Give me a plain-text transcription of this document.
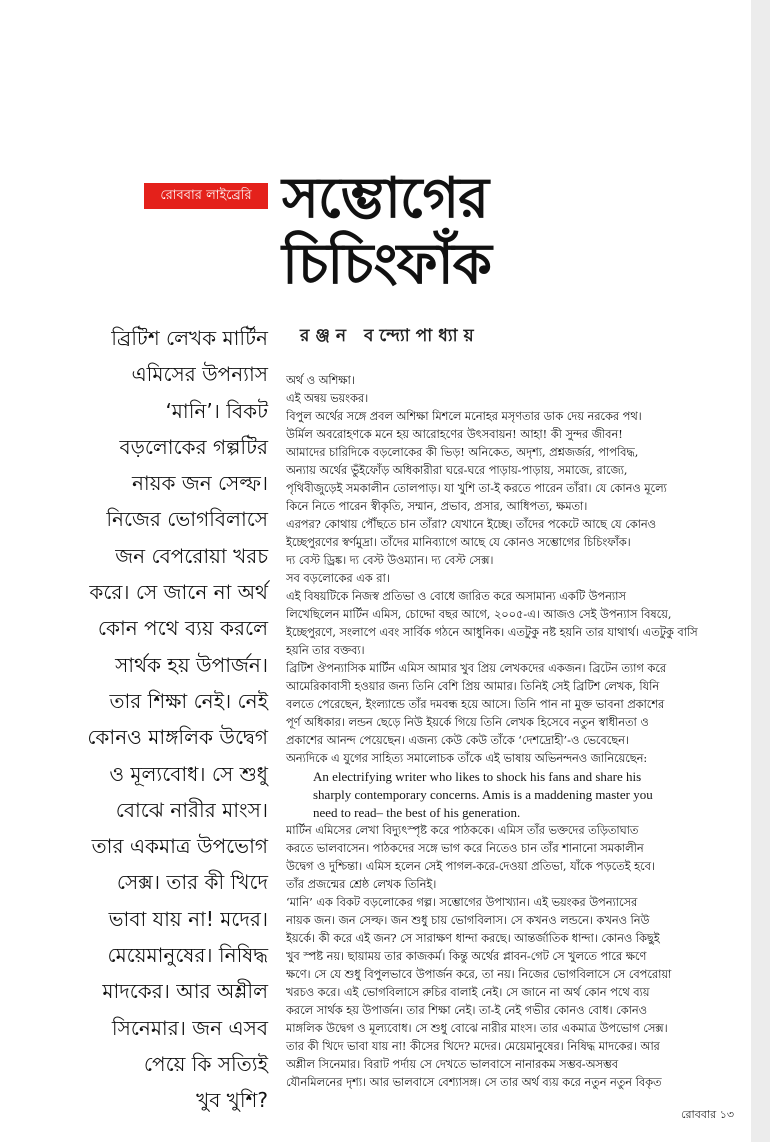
রোববার লাইব্রেরি খোলা	সম্ভোগের
চিচিংফাঁক
রঞ্জন বন্দ্যোপাধ্যায়
ব্রিটিশ লেখক মার্টিন
এমিসের উপন্যাস
‘মানি’। বিকট
বড়লোকের গল্পটির
নায়ক জন সেল্ফ।
নিজের ভোগবিলাসে
জন বেপরোয়া খরচ
করে। সে জানে না অর্থ
কোন পথে ব্যয় করলে
সার্থক হয় উপার্জন।
তার শিক্ষা নেই। নেই
কোনও মাঙ্গলিক উদ্বেগ
ও মূল্যবোধ। সে শুধু
বোঝে নারীর মাংস।
তার একমাত্র উপভোগ
সেক্স। তার কী খিদে
ভাবা যায় না! মদের।
মেয়েমানুষের। নিষিদ্ধ
মাদকের। আর অশ্লীল
সিনেমার। জন এসব
পেয়ে কি সত্যিই
খুব খুশি?
অর্থ ও অশিক্ষা।
এই অন্বয় ভয়ংকর।
বিপুল অর্থের সঙ্গে প্রবল অশিক্ষা মিশলে মনোহর মসৃণতার ডাক দেয় নরকের পথ।
উর্মিল অবরোহণকে মনে হয় আরোহণের উৎসবায়ন! আহা! কী সুন্দর জীবন!
আমাদের চারিদিকে বড়লোকের কী ভিড়! অনিকেত, অদৃশ্য, প্রশ্নজর্জর, পাপবিদ্ধ,
অন্যায় অর্থের ভুঁইফোঁড় অধিকারীরা ঘরে-ঘরে পাড়ায়-পাড়ায়, সমাজে, রাজ্যে,
পৃথিবীজুড়েই সমকালীন তোলপাড়। যা খুশি তা-ই করতে পারেন তাঁরা। যে কোনও মূল্যে
কিনে নিতে পারেন স্বীকৃতি, সম্মান, প্রভাব, প্রসার, আধিপত্য, ক্ষমতা।
এরপর? কোথায় পৌঁছতে চান তাঁরা? যেখানে ইচ্ছে। তাঁদের পকেটে আছে যে কোনও
ইচ্ছেপুরণের স্বর্ণমুদ্রা। তাঁদের মানিব্যাগে আছে যে কোনও সম্ভোগের চিচিংফাঁক।
দ্য বেস্ট ড্রিঙ্ক। দ্য বেস্ট উওম্যান। দ্য বেস্ট সেক্স।
সব বড়লোকের এক রা।
এই বিষয়টিকে নিজস্ব প্রতিভা ও বোধে জারিত করে অসামান্য একটি উপন্যাস
লিখেছিলেন মার্টিন এমিস, চোদ্দো বছর আগে, ২০০৫-এ। আজও সেই উপন্যাস বিষয়ে,
ইচ্ছেপুরণে, সংলাপে এবং সার্বিক গঠনে আধুনিক। এতটুকু নষ্ট হয়নি তার যাথার্থ। এতটুকু বাসি
হয়নি তার বক্তব্য।
ব্রিটিশ ঔপন্যাসিক মার্টিন এমিস আমার খুব প্রিয় লেখকদের একজন। ব্রিটেন ত্যাগ করে
আমেরিকাবাসী হওয়ার জন্য তিনি বেশি প্রিয় আমার। তিনিই সেই ব্রিটিশ লেখক, যিনি
বলতে পেরেছেন, ইংল্যান্ডে তাঁর দমবন্ধ হয়ে আসে। তিনি পান না মুক্ত ভাবনা প্রকাশের
পূর্ণ অধিকার। লন্ডন ছেড়ে নিউ ইয়র্কে গিয়ে তিনি লেখক হিসেবে নতুন স্বাধীনতা ও
প্রকাশের আনন্দ পেয়েছেন। এজন্য কেউ কেউ তাঁকে ‘দেশদ্রোহী’-ও ভেবেছেন।
অন্যদিকে এ যুগের সাহিত্য সমালোচক তাঁকে এই ভাষায় অভিনন্দনও জানিয়েছেন:
An electrifying writer who likes to shock his fans and share his
sharply contemporary concerns. Amis is a maddening master you
need to read– the best of his generation.
মার্টিন এমিসের লেখা বিদ্যুৎস্পৃষ্ট করে পাঠককে। এমিস তাঁর ভক্তদের তড়িতাঘাত
করতে ভালবাসেন। পাঠকদের সঙ্গে ভাগ করে নিতেও চান তাঁর শানানো সমকালীন
উদ্বেগ ও দুশ্চিন্তা। এমিস হলেন সেই পাগল-করে-দেওয়া প্রতিভা, যাঁকে পড়তেই হবে।
তাঁর প্রজন্মের শ্রেষ্ঠ লেখক তিনিই।
‘মানি’ এক বিকট বড়লোকের গল্প। সম্ভোগের উপাখ্যান। এই ভয়ংকর উপন্যাসের
নায়ক জন। জন সেল্ফ। জন শুধু চায় ভোগবিলাস। সে কখনও লন্ডনে। কখনও নিউ
ইয়র্কে। কী করে এই জন? সে সারাক্ষণ ধান্দা করছে। আন্তর্জাতিক ধান্দা। কোনও কিছুই
খুব স্পষ্ট নয়। ছায়াময় তার কাজকর্ম। কিন্তু অর্থের প্লাবন-গেট সে খুলতে পারে ক্ষণে
ক্ষণে। সে যে শুধু বিপুলভাবে উপার্জন করে, তা নয়। নিজের ভোগবিলাসে সে বেপরোয়া
খরচও করে। এই ভোগবিলাসে রুচির বালাই নেই। সে জানে না অর্থ কোন পথে ব্যয়
করলে সার্থক হয় উপার্জন। তার শিক্ষা নেই। তা-ই নেই গভীর কোনও বোধ। কোনও
মাঙ্গলিক উদ্বেগ ও মূল্যবোধ। সে শুধু বোঝে নারীর মাংস। তার একমাত্র উপভোগ সেক্স।
তার কী খিদে ভাবা যায় না! কীসের খিদে? মদের। মেয়েমানুষের। নিষিদ্ধ মাদকের। আর
অশ্লীল সিনেমার। বিরাট পর্দায় সে দেখতে ভালবাসে নানারকম সম্ভব-অসম্ভব
যৌনমিলনের দৃশ্য। আর ভালবাসে বেশ্যাসঙ্গ। সে তার অর্থ ব্যয় করে নতুন নতুন বিকৃত
রোববার ১৩
